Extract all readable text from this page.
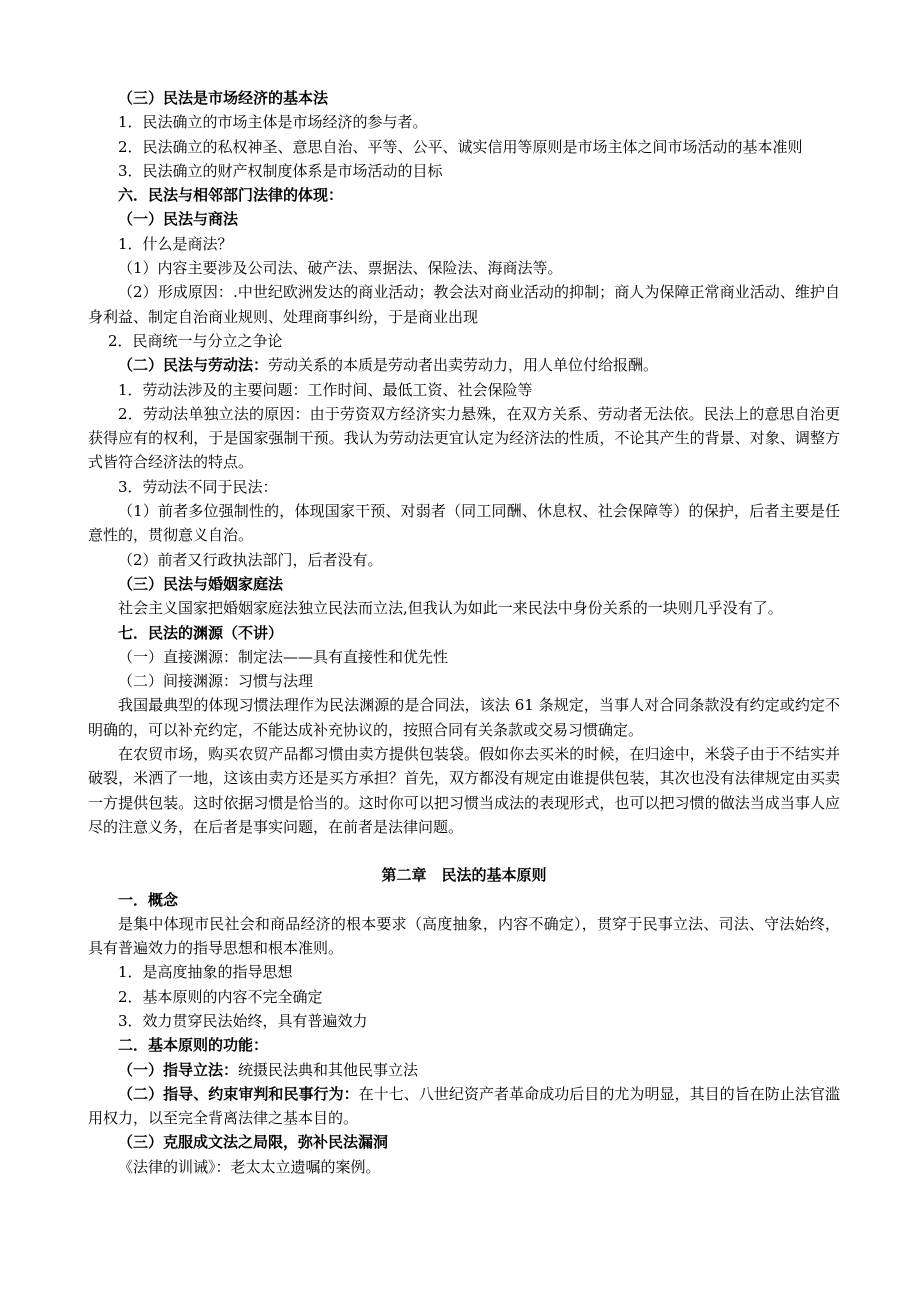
（三）民法是市场经济的基本法

1．民法确立的市场主体是市场经济的参与者。

2．民法确立的私权神圣、意思自治、平等、公平、诚实信用等原则是市场主体之间市场活动的基本准则

3．民法确立的财产权制度体系是市场活动的目标

六．民法与相邻部门法律的体现：

（一）民法与商法

1．什么是商法？

（1）内容主要涉及公司法、破产法、票据法、保险法、海商法等。

（2）形成原因：.中世纪欧洲发达的商业活动；教会法对商业活动的抑制；商人为保障正常商业活动、维护自身利益、制定自治商业规则、处理商事纠纷，于是商业出现

2．民商统一与分立之争论

（二）民法与劳动法：劳动关系的本质是劳动者出卖劳动力，用人单位付给报酬。

1．劳动法涉及的主要问题：工作时间、最低工资、社会保险等

2．劳动法单独立法的原因：由于劳资双方经济实力悬殊，在双方关系、劳动者无法依。民法上的意思自治更获得应有的权利，于是国家强制干预。我认为劳动法更宜认定为经济法的性质，不论其产生的背景、对象、调整方式皆符合经济法的特点。

3．劳动法不同于民法：

（1）前者多位强制性的，体现国家干预、对弱者（同工同酬、休息权、社会保障等）的保护，后者主要是任意性的，贯彻意义自治。

（2）前者又行政执法部门，后者没有。

（三）民法与婚姻家庭法

社会主义国家把婚姻家庭法独立民法而立法,但我认为如此一来民法中身份关系的一块则几乎没有了。

七．民法的渊源（不讲）

（一）直接渊源：制定法——具有直接性和优先性

（二）间接渊源：习惯与法理

我国最典型的体现习惯法理作为民法渊源的是合同法，该法 61 条规定，当事人对合同条款没有约定或约定不明确的，可以补充约定，不能达成补充协议的，按照合同有关条款或交易习惯确定。

在农贸市场，购买农贸产品都习惯由卖方提供包装袋。假如你去买米的时候，在归途中，米袋子由于不结实并破裂，米洒了一地，这该由卖方还是买方承担？首先，双方都没有规定由谁提供包装，其次也没有法律规定由买卖一方提供包装。这时依据习惯是恰当的。这时你可以把习惯当成法的表现形式，也可以把习惯的做法当成当事人应尽的注意义务，在后者是事实问题，在前者是法律问题。

第二章　民法的基本原则

一．概念

是集中体现市民社会和商品经济的根本要求（高度抽象，内容不确定），贯穿于民事立法、司法、守法始终，具有普遍效力的指导思想和根本准则。

1．是高度抽象的指导思想

2．基本原则的内容不完全确定

3．效力贯穿民法始终，具有普遍效力

二．基本原则的功能：

（一）指导立法：统摄民法典和其他民事立法

（二）指导、约束审判和民事行为：在十七、八世纪资产者革命成功后目的尤为明显，其目的旨在防止法官滥用权力，以至完全背离法律之基本目的。

（三）克服成文法之局限，弥补民法漏洞

《法律的训诫》：老太太立遗嘱的案例。
